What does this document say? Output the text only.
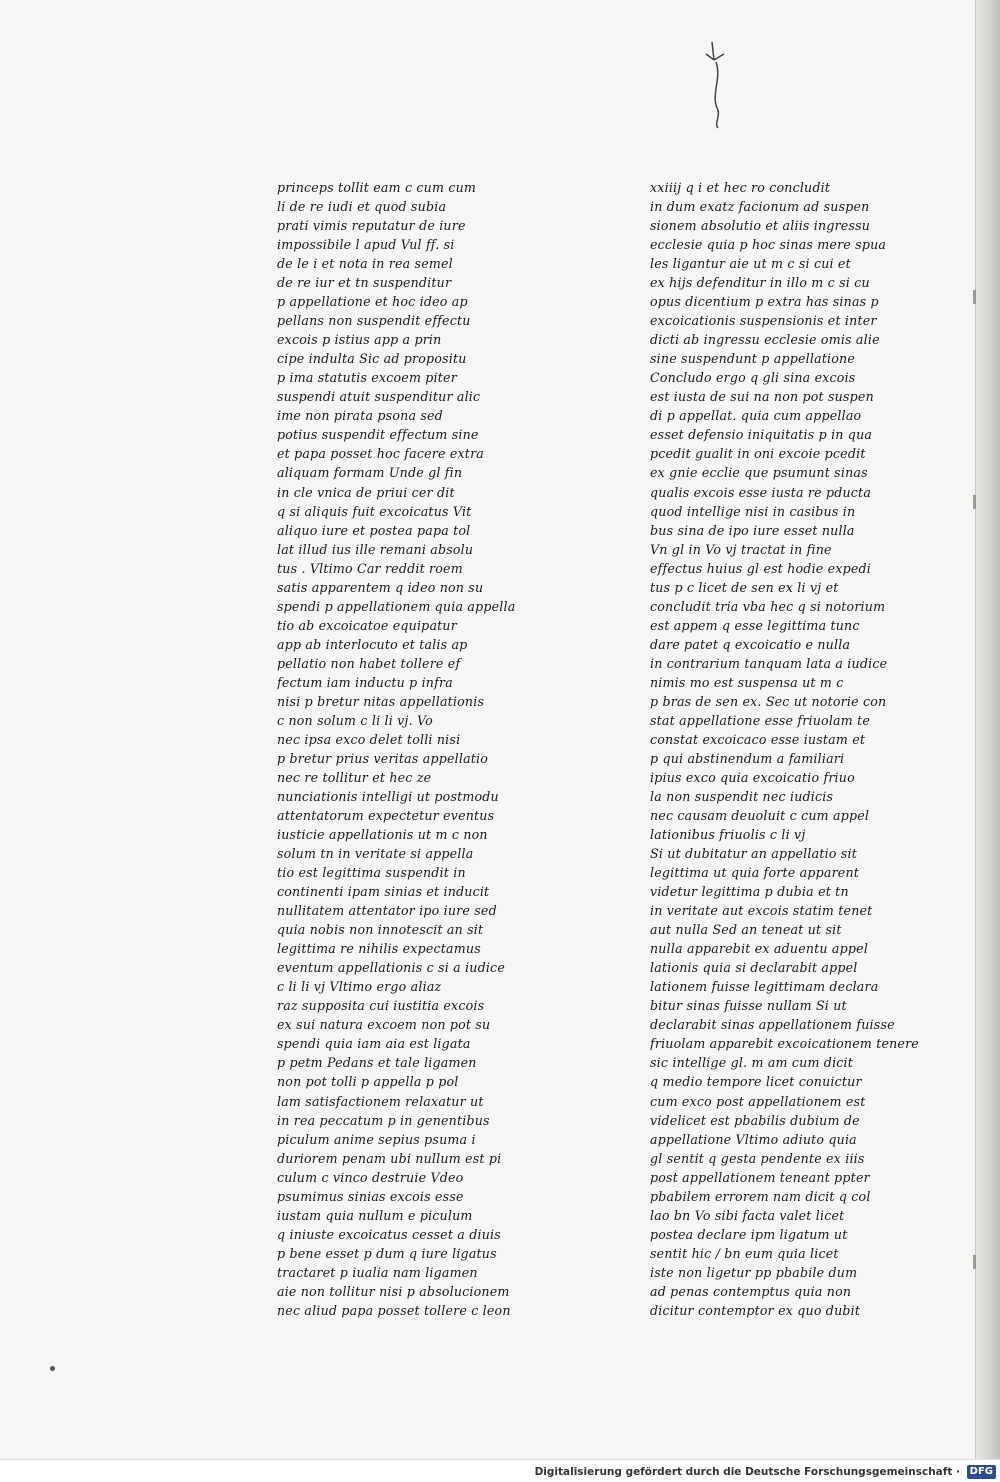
princeps tollit eam c cum cum
li de re iudi et quod subia
prati vimis reputatur de iure
impossibile l apud Vul ff. si
de le i et nota in rea semel
de re iur et tn suspenditur
p appellatione et hoc ideo ap
pellans non suspendit effectu
excois p istius app a prin
cipe indulta Sic ad propositu
p ima statutis excoem piter
suspendi atuit suspenditur alic
ime non pirata psona sed
potius suspendit effectum sine
et papa posset hoc facere extra
aliquam formam Unde gl fin
in cle vnica de priui cer dit
q si aliquis fuit excoicatus Vit
aliquo iure et postea papa tol
lat illud ius ille remani absolu
tus . Vltimo Car reddit roem
satis apparentem q ideo non su
spendi p appellationem quia appella
tio ab excoicatoe equipatur
app ab interlocuto et talis ap
pellatio non habet tollere ef
fectum iam inductu p infra
nisi p bretur nitas appellationis
c non solum c li li vj. Vo
nec ipsa exco delet tolli nisi
p bretur prius veritas appellatio
nec re tollitur et hec ze
nunciationis intelligi ut postmodu
attentatorum expectetur eventus
iusticie appellationis ut m c non
solum tn in veritate si appella
tio est legittima suspendit in
continenti ipam sinias et inducit
nullitatem attentator ipo iure sed
quia nobis non innotescit an sit
legittima re nihilis expectamus
eventum appellationis c si a iudice
c li li vj Vltimo ergo aliaz
raz supposita cui iustitia excois
ex sui natura excoem non pot su
spendi quia iam aia est ligata
p petm Pedans et tale ligamen
non pot tolli p appella p pol
lam satisfactionem relaxatur ut
in rea peccatum p in genentibus
piculum anime sepius psuma i
duriorem penam ubi nullum est pi
culum c vinco destruie Vdeo
psumimus sinias excois esse
iustam quia nullum e piculum
q iniuste excoicatus cesset a diuis
p bene esset p dum q iure ligatus
tractaret p iualia nam ligamen
aie non tollitur nisi p absolucionem
nec aliud papa posset tollere c leon
xxiiij q i et hec ro concludit
in dum exatz facionum ad suspen
sionem absolutio et aliis ingressu
ecclesie quia p hoc sinas mere spua
les ligantur aie ut m c si cui et
ex hijs defenditur in illo m c si cu
opus dicentium p extra has sinas p
excoicationis suspensionis et inter
dicti ab ingressu ecclesie omis alie
sine suspendunt p appellatione
Concludo ergo q gli sina excois
est iusta de sui na non pot suspen
di p appellat. quia cum appellao
esset defensio iniquitatis p in qua
pcedit gualit in oni excoie pcedit
ex gnie ecclie que psumunt sinas
qualis excois esse iusta re pducta
quod intellige nisi in casibus in
bus sina de ipo iure esset nulla
Vn gl in Vo vj tractat in fine
effectus huius gl est hodie expedi
tus p c licet de sen ex li vj et
concludit tria vba hec q si notorium
est appem q esse legittima tunc
dare patet q excoicatio e nulla
in contrarium tanquam lata a iudice
nimis mo est suspensa ut m c
p bras de sen ex. Sec ut notorie con
stat appellatione esse friuolam te
constat excoicaco esse iustam et
p qui abstinendum a familiari
ipius exco quia excoicatio friuo
la non suspendit nec iudicis
nec causam deuoluit c cum appel
lationibus friuolis c li vj
Si ut dubitatur an appellatio sit
legittima ut quia forte apparent
videtur legittima p dubia et tn
in veritate aut excois statim tenet
aut nulla Sed an teneat ut sit
nulla apparebit ex aduentu appel
lationis quia si declarabit appel
lationem fuisse legittimam declara
bitur sinas fuisse nullam Si ut
declarabit sinas appellationem fuisse
friuolam apparebit excoicationem tenere
sic intellige gl. m am cum dicit
q medio tempore licet conuictur
cum exco post appellationem est
videlicet est pbabilis dubium de
appellatione Vltimo adiuto quia
gl sentit q gesta pendente ex iiis
post appellationem teneant ppter
pbabilem errorem nam dicit q col
lao bn Vo sibi facta valet licet
postea declare ipm ligatum ut
sentit hic / bn eum quia licet
iste non ligetur pp pbabile dum
ad penas contemptus quia non
dicitur contemptor ex quo dubit
Digitalisierung gefördert durch die Deutsche Forschungsgemeinschaft · DFG
